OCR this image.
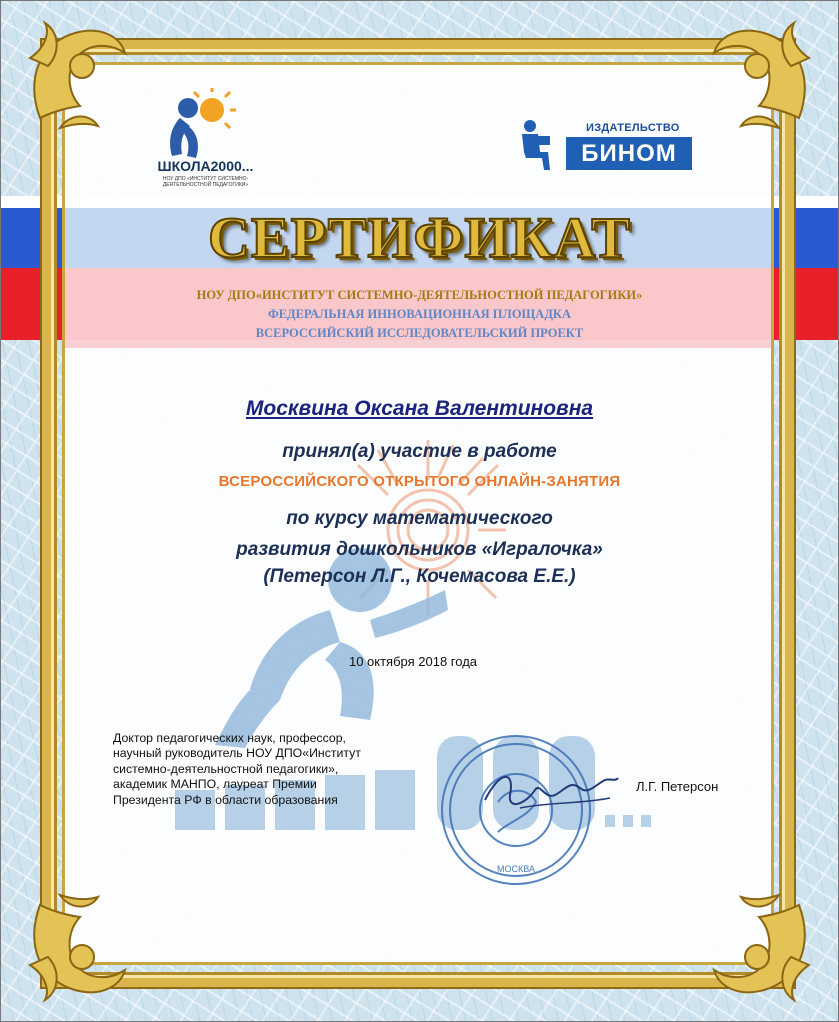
МОСКВА
ШКОЛА2000...
НОУ ДПО «ИНСТИТУТ СИСТЕМНО-ДЕЯТЕЛЬНОСТНОЙ ПЕДАГОГИКИ»
ИЗДАТЕЛЬСТВО
БИНОМ
СЕРТИФИКАТ
НОУ ДПО«ИНСТИТУТ СИСТЕМНО-ДЕЯТЕЛЬНОСТНОЙ ПЕДАГОГИКИ»
ФЕДЕРАЛЬНАЯ ИННОВАЦИОННАЯ ПЛОЩАДКА
ВСЕРОССИЙСКИЙ ИССЛЕДОВАТЕЛЬСКИЙ ПРОЕКТ
Москвина Оксана Валентиновна
принял(а) участие в работе
ВСЕРОССИЙСКОГО ОТКРЫТОГО ОНЛАЙН-ЗАНЯТИЯ
по курсу математического
развития дошкольников «Игралочка»
(Петерсон Л.Г., Кочемасова Е.Е.)
10 октября 2018 года
Доктор педагогических наук, профессор,
научный руководитель НОУ ДПО«Институт
системно-деятельностной педагогики»,
академик МАНПО, лауреат Премии
Президента РФ в области образования
Л.Г. Петерсон
